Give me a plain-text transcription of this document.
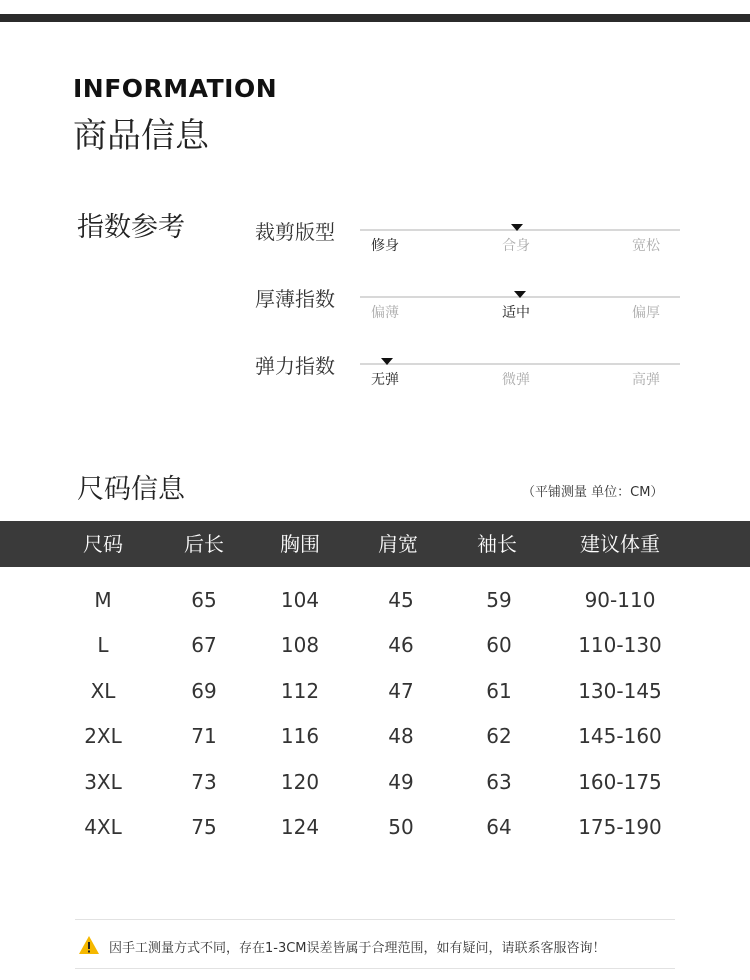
INFORMATION
商品信息
指数参考	裁剪版型
修身	合身	宽松
厚薄指数
偏薄	适中	偏厚
弹力指数
无弹	微弹	高弹
尺码信息	（平铺测量 单位：CM）
尺码	后长	胸围	肩宽	袖长	建议体重
M	65	104	45	59	90-110
L	67	108	46	60	110-130
XL	69	112	47	61	130-145
2XL	71	116	48	62	145-160
3XL	73	120	49	63	160-175
4XL	75	124	50	64	175-190
因手工测量方式不同，存在1-3CM误差皆属于合理范围，如有疑问，请联系客服咨询！
